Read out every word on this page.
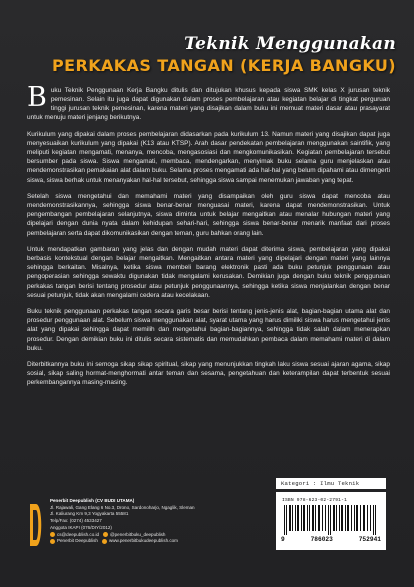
Teknik Menggunakan
PERKAKAS TANGAN (KERJA BANGKU)

Buku Teknik Penggunaan Kerja Bangku ditulis dan ditujukan khusus kepada siswa SMK kelas X jurusan teknik pemesinan. Selain itu juga dapat digunakan dalam proses pembelajaran atau kegiatan belajar di tingkat perguruan tinggi jurusan teknik pemesinan, karena materi yang disajikan dalam buku ini memuat materi dasar atau prasayarat untuk menuju materi jenjang berikutnya.

Kurikulum yang dipakai dalam proses pembelajaran didasarkan pada kurikulum 13. Namun materi yang disajikan dapat juga menyesuaikan kurikulum yang dipakai (K13 atau KTSP). Arah dasar pendekatan pembelajaran menggunakan saintifik, yang meliputi kegiatan mengamati, menanya, mencoba, mengasosiasi dan mengkomunikasikan. Kegiatan pembelajaran tersebut bersumber pada siswa. Siswa mengamati, membaca, mendengarkan, menyimak buku selama guru menjelaskan atau mendemonstrasikan pemakaian alat dalam buku. Selama proses mengamati ada hal-hal yang belum dipahami atau dimengerti siswa, siswa berhak untuk menanyakan hal-hal tersebut, sehingga siswa sampai menemukan jawaban yang tepat.

Setelah siswa mengetahui dan memahami materi yang disampaikan oleh guru siswa dapat mencoba atau mendemonstrasikannya, sehingga siswa benar-benar menguasai materi, karena dapat mendemonstrasikan. Untuk pengembangan pembelajaran selanjutnya, siswa diminta untuk belajar mengaitkan atau menalar hubungan materi yang dipelajari dengan dunia nyata dalam kehidupan sehari-hari, sehingga siswa benar-benar menarik manfaat dari proses pembelajaran serta dapat dikomunikasikan dengan teman, guru bahkan orang lain.

Untuk mendapatkan gambaran yang jelas dan dengan mudah materi dapat diterima siswa, pembelajaran yang dipakai berbasis kontekstual dengan belajar mengaitkan. Mengaitkan antara materi yang dipelajari dengan materi yang lainnya sehingga berkaitan. Misalnya, ketika siswa membeli barang elektronik pasti ada buku petunjuk penggunaan atau pengoperasian sehingga sewaktu digunakan tidak mengalami kerusakan. Demikian juga dengan buku teknik penggunaan perkakas tangan berisi tentang prosedur atau petunjuk penggunaannya, sehingga ketika siswa menjalankan dengan benar sesuai petunjuk, tidak akan mengalami cedera atau kecelakaan.

Buku teknik penggunaan perkakas tangan secara garis besar berisi tentang jenis-jenis alat, bagian-bagian utama alat dan prosedur penggunaan alat. Sebelum siswa menggunakan alat, syarat utama yang harus dimiliki siswa harus mengetahui jenis alat yang dipakai sehingga dapat memilih dan mengetahui bagian-bagiannya, sehingga tidak salah dalam menerapkan prosedur. Dengan demikian buku ini ditulis secara sistematis dan memudahkan pembaca dalam memahami materi di dalam buku.

Diterbitkannya buku ini semoga sikap sikap spiritual, sikap yang menunjukkan tingkah laku siswa sesuai ajaran agama, sikap sosial, sikap saling hormat-menghormati antar teman dan sesama, pengetahuan dan keterampilan dapat terbentuk sesuai perkembangannya masing-masing.

Penerbit Deepublish (CV BUDI UTAMA)
Jl. Rajawali, Gang Elang 6 No.3, Drono, Sardonoharjo, Ngaglik, Sleman
Jl. Kaliurang Km 9,3 Yogyakarta 55581
Telp/Fax: (0274) 4533427
Anggota IKAPI (076/DIY/2012)
cs@deepublish.co.id	@penerbitbuku_deepublish
Penerbit Deepublish	www.penerbitbukudeepublish.com
Kategori : Ilmu Teknik
ISBN 978-623-02-2791-1
9	786023	752941
